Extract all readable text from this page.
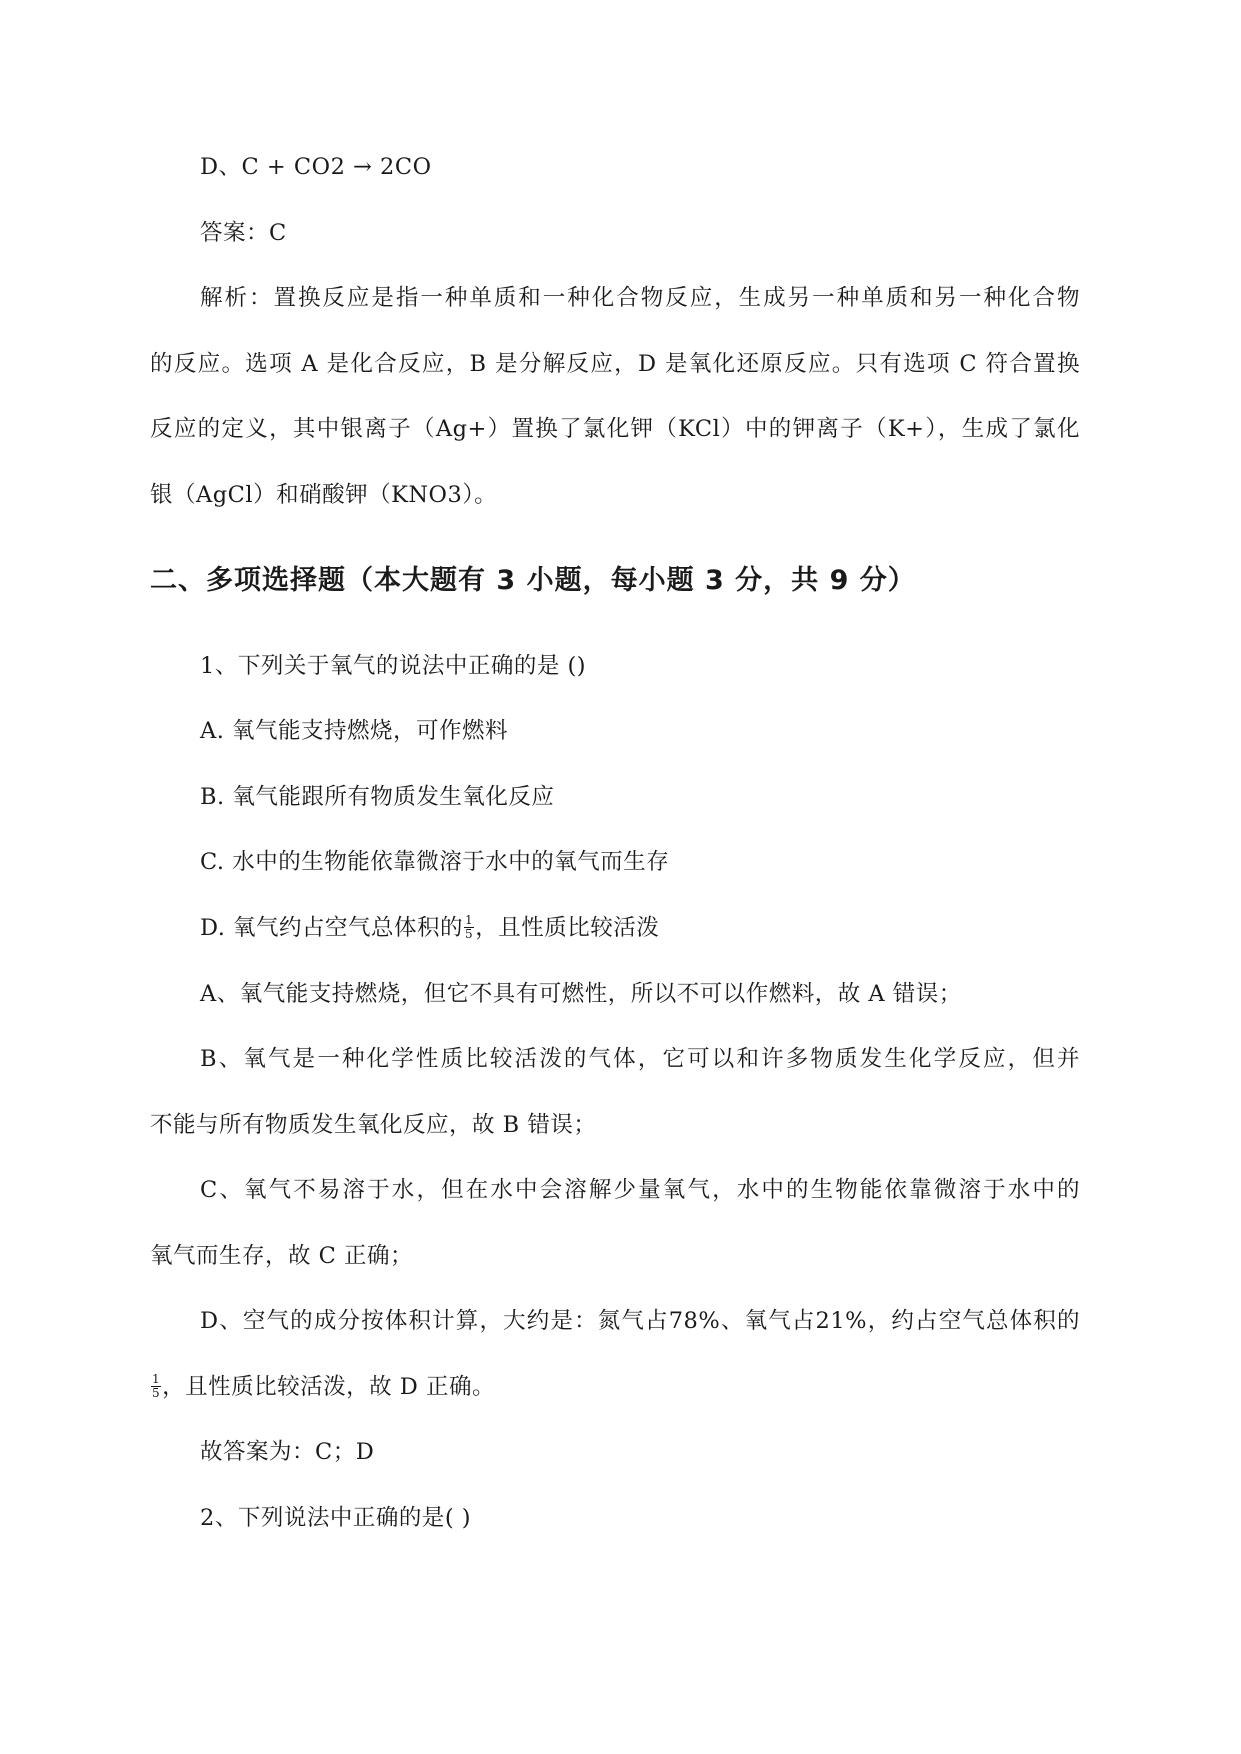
D、C + CO2 → 2CO
答案：C
解析：置换反应是指一种单质和一种化合物反应，生成另一种单质和另一种化合物
的反应。选项 A 是化合反应，B 是分解反应，D 是氧化还原反应。只有选项 C 符合置换
反应的定义，其中银离子（Ag+）置换了氯化钾（KCl）中的钾离子（K+），生成了氯化
银（AgCl）和硝酸钾（KNO3）。
二、多项选择题（本大题有 3 小题，每小题 3 分，共 9 分）
1、下列关于氧气的说法中正确的是 ()
A. 氧气能支持燃烧，可作燃料
B. 氧气能跟所有物质发生氧化反应
C. 水中的生物能依靠微溶于水中的氧气而生存
D. 氧气约占空气总体积的 $\frac{1}{5}$ ，且性质比较活泼
A、氧气能支持燃烧，但它不具有可燃性，所以不可以作燃料，故 A 错误；
B、氧气是一种化学性质比较活泼的气体，它可以和许多物质发生化学反应，但并
不能与所有物质发生氧化反应，故 B 错误；
C、氧气不易溶于水，但在水中会溶解少量氧气，水中的生物能依靠微溶于水中的
氧气而生存，故 C 正确；
D、空气的成分按体积计算，大约是：氮气占78%、氧气占21%，约占空气总体积的
$\frac{1}{5}$ ，且性质比较活泼，故 D 正确。
故答案为：C；D
2、下列说法中正确的是( )
